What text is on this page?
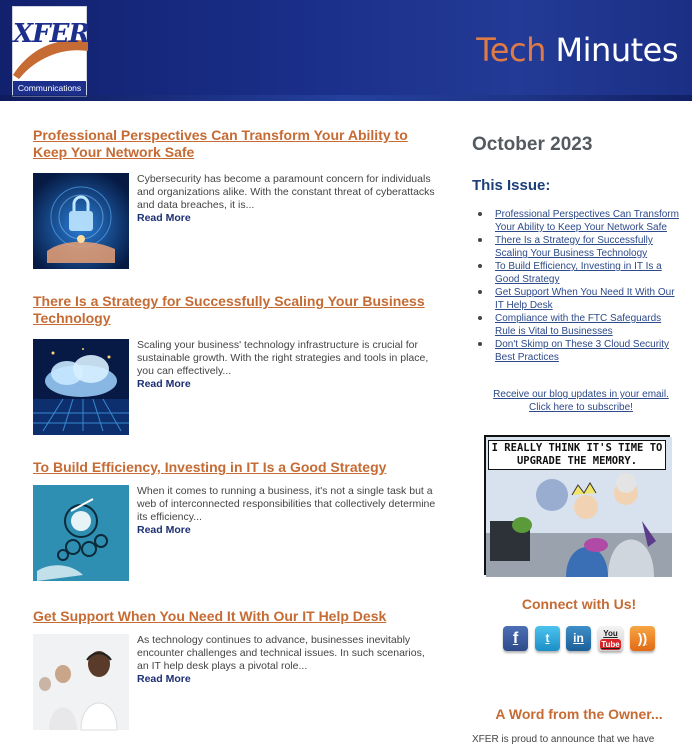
XFER
Communications
Tech Minutes
Professional Perspectives Can Transform Your Ability to Keep Your Network Safe
Cybersecurity has become a paramount concern for individuals and organizations alike. With the constant threat of cyberattacks and data breaches, it is...
Read More
There Is a Strategy for Successfully Scaling Your Business Technology
Scaling your business' technology infrastructure is crucial for sustainable growth. With the right strategies and tools in place, you can effectively...
Read More
To Build Efficiency, Investing in IT Is a Good Strategy
When it comes to running a business, it's not a single task but a web of interconnected responsibilities that collectively determine its efficiency...
Read More
Get Support When You Need It With Our IT Help Desk
As technology continues to advance, businesses inevitably encounter challenges and technical issues. In such scenarios, an IT help desk plays a pivotal role...
Read More
October 2023
This Issue:
Professional Perspectives Can Transform Your Ability to Keep Your Network Safe
There Is a Strategy for Successfully Scaling Your Business Technology
To Build Efficiency, Investing in IT Is a Good Strategy
Get Support When You Need It With Our IT Help Desk
Compliance with the FTC Safeguards Rule is Vital to Businesses
Don't Skimp on These 3 Cloud Security Best Practices
Receive our blog updates in your email.
Click here to subscribe!
I REALLY THINK IT'S TIME TO UPGRADE THE MEMORY.
Connect with Us!
f	t	in	You
Tube	))
A Word from the Owner...
XFER is proud to announce that we have
